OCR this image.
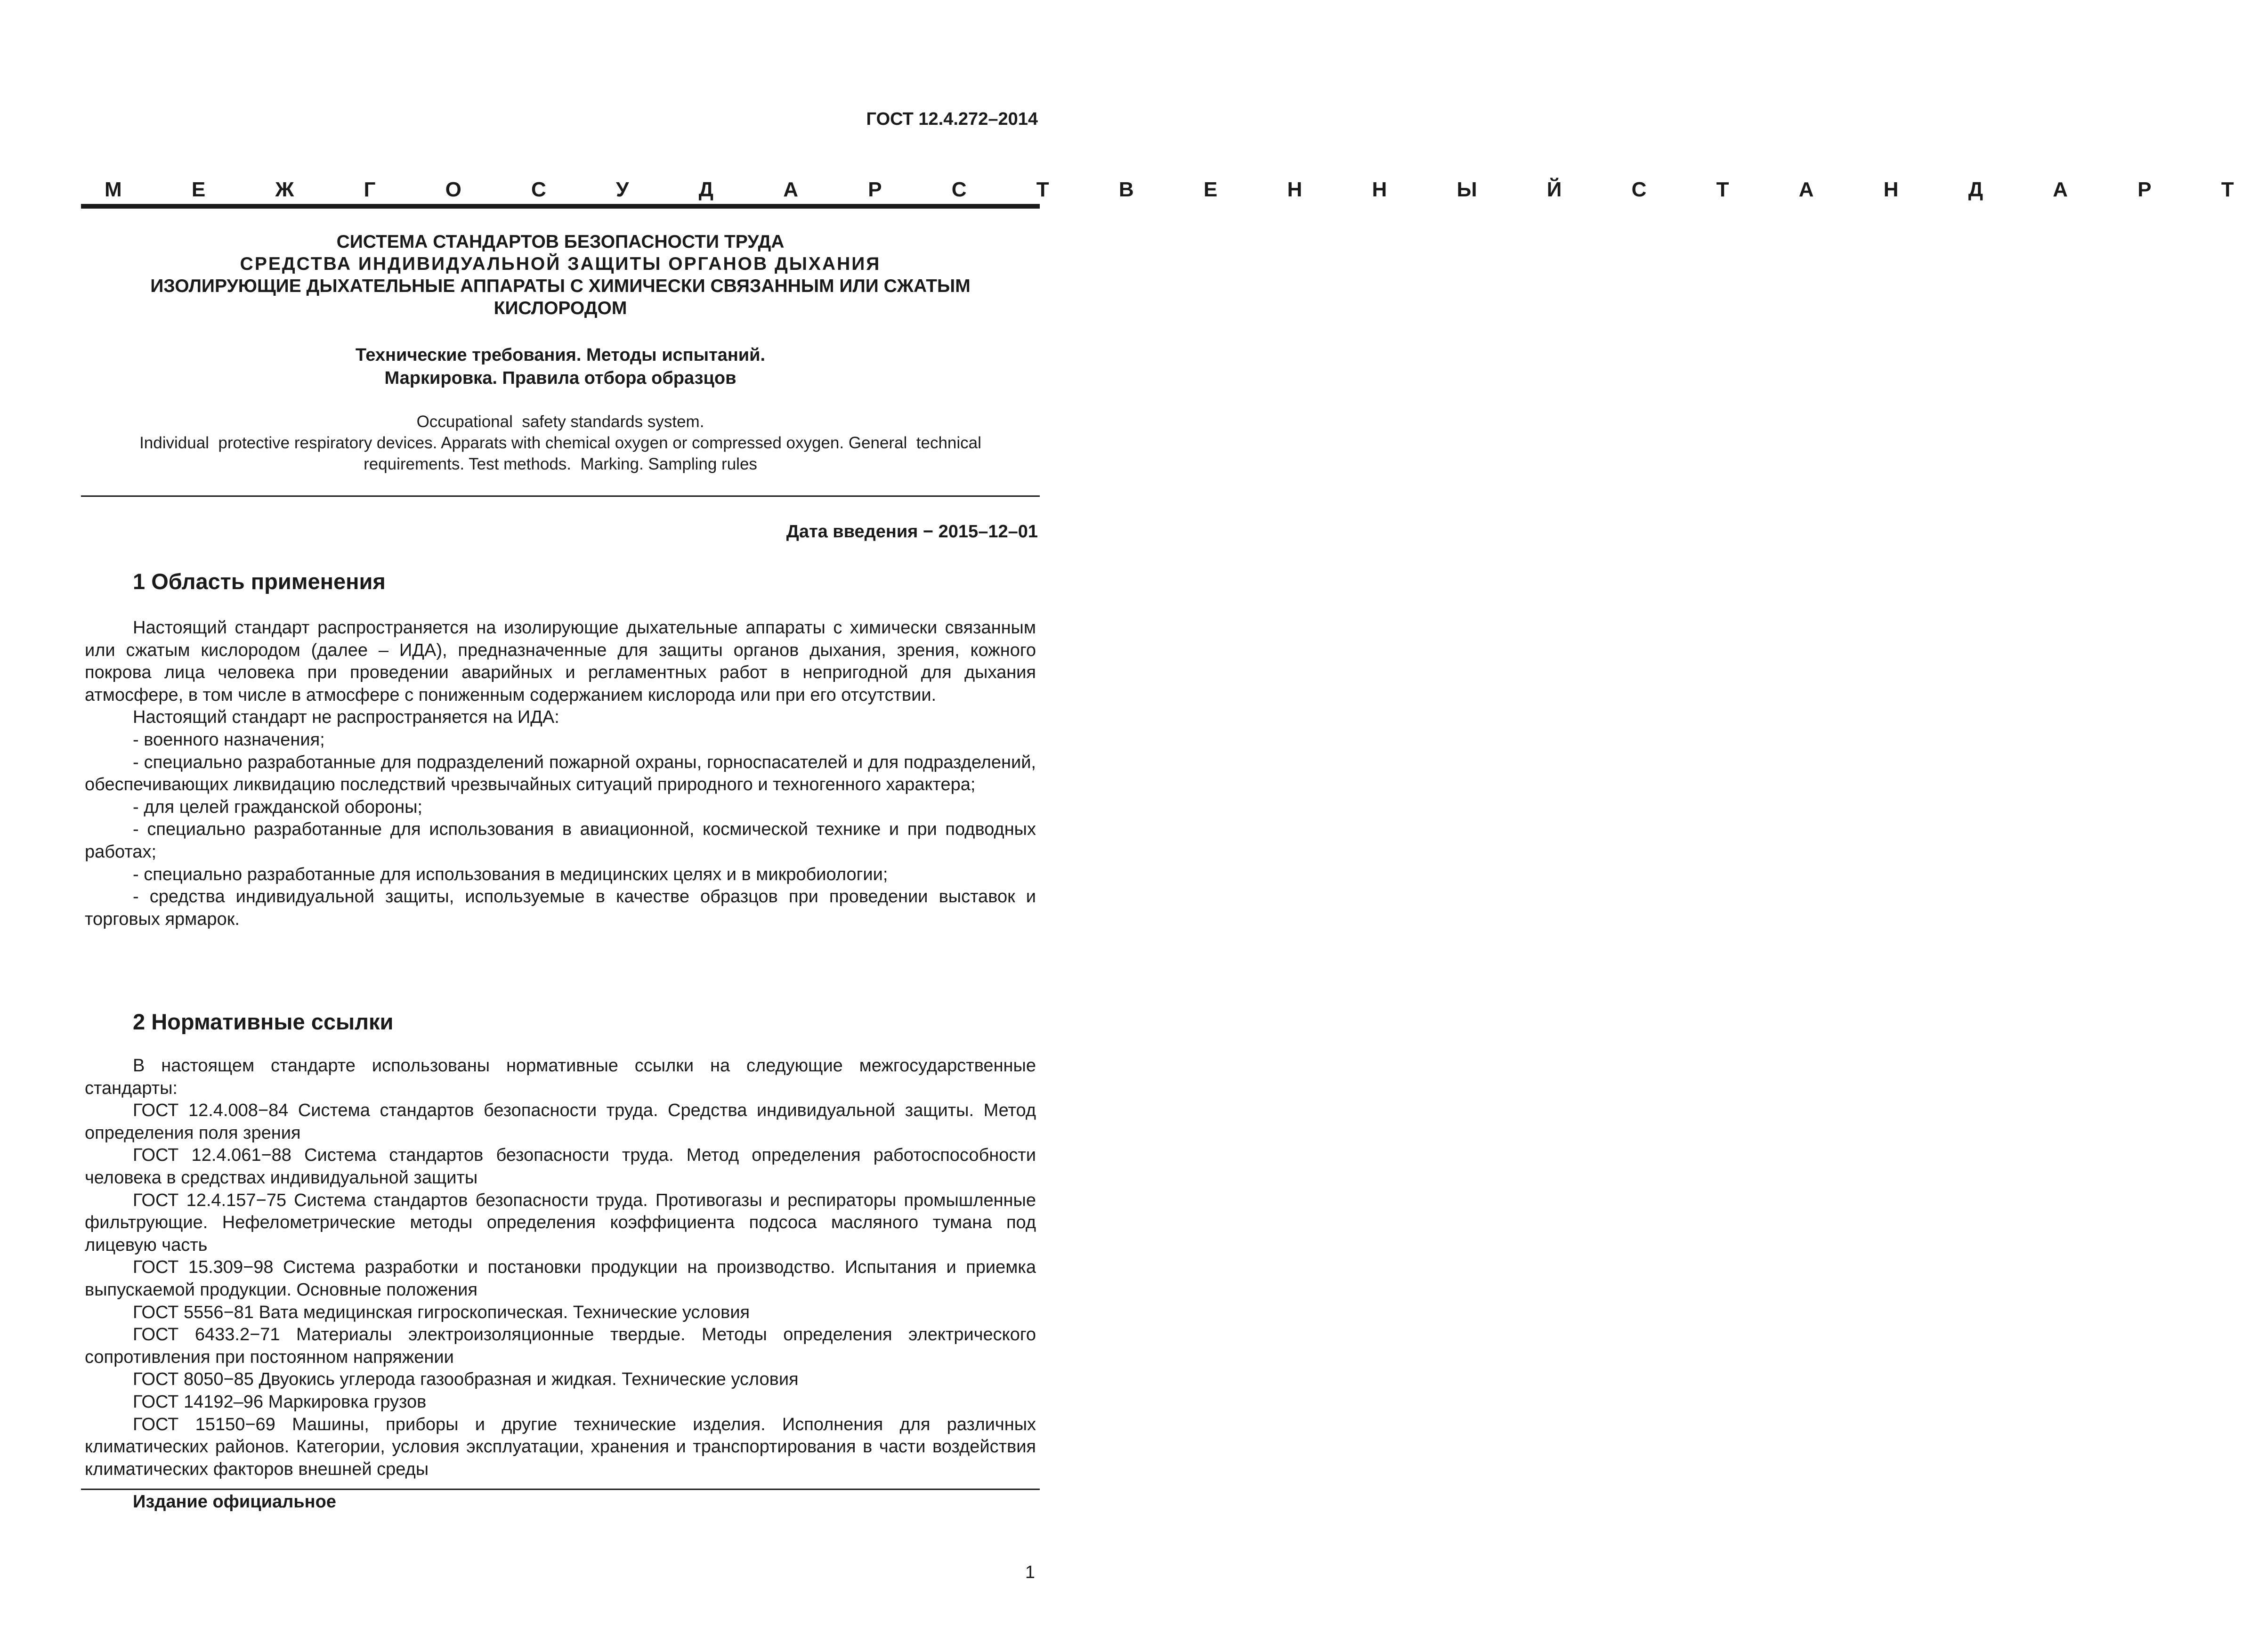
ГОСТ 12.4.272–2014
М Е Ж Г О С У Д А Р С Т В Е Н Н Ы Й С Т А Н Д А Р Т
СИСТЕМА СТАНДАРТОВ БЕЗОПАСНОСТИ ТРУДА
СРЕДСТВА ИНДИВИДУАЛЬНОЙ ЗАЩИТЫ ОРГАНОВ ДЫХАНИЯ
ИЗОЛИРУЮЩИЕ ДЫХАТЕЛЬНЫЕ АППАРАТЫ С ХИМИЧЕСКИ СВЯЗАННЫМ ИЛИ СЖАТЫМ
КИСЛОРОДОМ
Технические требования. Методы испытаний.
Маркировка. Правила отбора образцов
Occupational  safety standards system.
Individual  protective respiratory devices. Apparats with chemical oxygen or compressed oxygen. General  technical
requirements. Test methods.  Marking. Sampling rules
Дата введения − 2015–12–01
1 Область применения

Настоящий стандарт распространяется на изолирующие дыхательные аппараты с химически связанным или сжатым кислородом (далее – ИДА), предназначенные для защиты органов дыхания, зрения, кожного покрова лица человека при проведении аварийных и регламентных работ в непригодной для дыхания атмосфере, в том числе в атмосфере с пониженным содержанием кислорода или при его отсутствии.

Настоящий стандарт не распространяется на ИДА:

- военного назначения;

- специально разработанные для подразделений пожарной охраны, горноспасателей и для подразделений, обеспечивающих ликвидацию последствий чрезвычайных ситуаций природного и техногенного характера;

- для целей гражданской обороны;

- специально разработанные для использования в авиационной, космической технике и при подводных работах;

- специально разработанные для использования в медицинских целях и в микробиологии;

- средства индивидуальной защиты, используемые в качестве образцов при проведении выставок и торговых ярмарок.

2 Нормативные ссылки

В настоящем стандарте использованы нормативные ссылки на следующие межгосударственные стандарты:

ГОСТ 12.4.008−84 Система стандартов безопасности труда. Средства индивидуальной защиты. Метод определения поля зрения

ГОСТ 12.4.061−88 Система стандартов безопасности труда. Метод определения работоспособности человека в средствах индивидуальной защиты

ГОСТ 12.4.157−75 Система стандартов безопасности труда. Противогазы и респираторы промышленные фильтрующие. Нефелометрические методы определения коэффициента подсоса масляного тумана под лицевую часть

ГОСТ 15.309−98 Система разработки и постановки продукции на производство. Испытания и приемка выпускаемой продукции. Основные положения

ГОСТ 5556−81 Вата медицинская гигроскопическая. Технические условия

ГОСТ 6433.2−71 Материалы электроизоляционные твердые. Методы определения электрического сопротивления при постоянном напряжении

ГОСТ 8050−85 Двуокись углерода газообразная и жидкая. Технические условия

ГОСТ 14192–96 Маркировка грузов

ГОСТ 15150−69 Машины, приборы и другие технические изделия. Исполнения для различных климатических районов. Категории, условия эксплуатации, хранения и транспортирования в части воздействия климатических факторов внешней среды

Издание официальное
1
